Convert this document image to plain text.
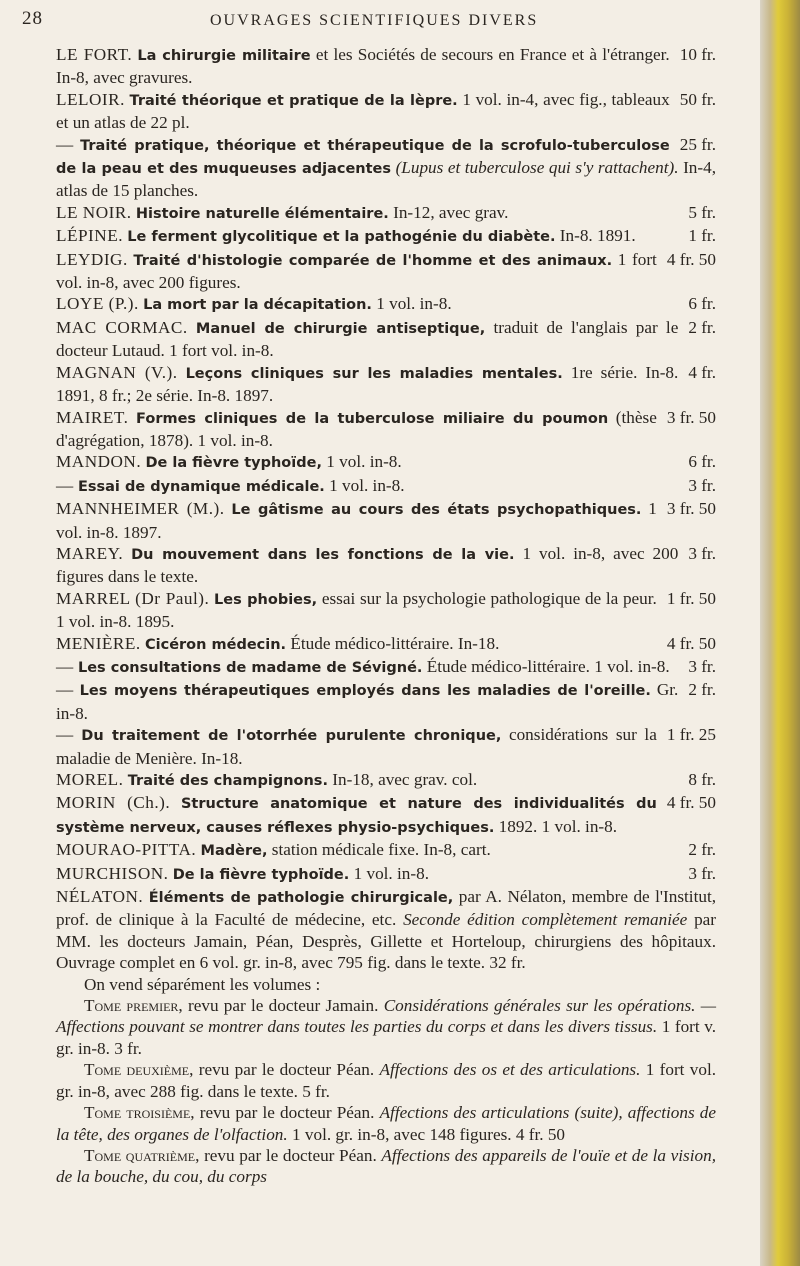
28	OUVRAGES SCIENTIFIQUES DIVERS

10 fr.
LE FORT. La chirurgie militaire et les Sociétés de secours en France et à l'étranger. In-8, avec gravures.

50 fr.
LELOIR. Traité théorique et pratique de la lèpre. 1 vol. in-4, avec fig., tableaux et un atlas de 22 pl.

25 fr.
— Traité pratique, théorique et thérapeutique de la scrofulo-tuberculose de la peau et des muqueuses adjacentes (Lupus et tuberculose qui s'y rattachent). In-4, atlas de 15 planches.

5 fr.
LE NOIR. Histoire naturelle élémentaire. In-12, avec grav.

1 fr.
LÉPINE. Le ferment glycolitique et la pathogénie du diabète. In-8. 1891.

4 fr. 50
LEYDIG. Traité d'histologie comparée de l'homme et des animaux. 1 fort vol. in-8, avec 200 figures.

6 fr.
LOYE (P.). La mort par la décapitation. 1 vol. in-8.

2 fr.
MAC CORMAC. Manuel de chirurgie antiseptique, traduit de l'anglais par le docteur Lutaud. 1 fort vol. in-8.

4 fr.
MAGNAN (V.). Leçons cliniques sur les maladies mentales. 1re série. In-8. 1891, 8 fr.; 2e série. In-8. 1897.

3 fr. 50
MAIRET. Formes cliniques de la tuberculose miliaire du poumon (thèse d'agrégation, 1878). 1 vol. in-8.

6 fr.
MANDON. De la fièvre typhoïde, 1 vol. in-8.

3 fr.
— Essai de dynamique médicale. 1 vol. in-8.

3 fr. 50
MANNHEIMER (M.). Le gâtisme au cours des états psychopathiques. 1 vol. in-8. 1897.

3 fr.
MAREY. Du mouvement dans les fonctions de la vie. 1 vol. in-8, avec 200 figures dans le texte.

1 fr. 50
MARREL (Dr Paul). Les phobies, essai sur la psychologie pathologique de la peur. 1 vol. in-8. 1895.

4 fr. 50
MENIÈRE. Cicéron médecin. Étude médico-littéraire. In-18.

3 fr.
— Les consultations de madame de Sévigné. Étude médico-littéraire. 1 vol. in-8.

2 fr.
— Les moyens thérapeutiques employés dans les maladies de l'oreille. Gr. in-8.

1 fr. 25
— Du traitement de l'otorrhée purulente chronique, considérations sur la maladie de Menière. In-18.

8 fr.
MOREL. Traité des champignons. In-18, avec grav. col.

4 fr. 50
MORIN (Ch.). Structure anatomique et nature des individualités du système nerveux, causes réflexes physio-psychiques. 1892. 1 vol. in-8.

2 fr.
MOURAO-PITTA. Madère, station médicale fixe. In-8, cart.

3 fr.
MURCHISON. De la fièvre typhoïde. 1 vol. in-8.

NÉLATON. Éléments de pathologie chirurgicale, par A. Nélaton, membre de l'Institut, prof. de clinique à la Faculté de médecine, etc. Seconde édition complètement remaniée par MM. les docteurs Jamain, Péan, Desprès, Gillette et Horteloup, chirurgiens des hôpitaux. Ouvrage complet en 6 vol. gr. in-8, avec 795 fig. dans le texte. 32 fr.

On vend séparément les volumes :

Tome premier, revu par le docteur Jamain. Considérations générales sur les opérations. — Affections pouvant se montrer dans toutes les parties du corps et dans les divers tissus. 1 fort v. gr. in-8. 3 fr.

Tome deuxième, revu par le docteur Péan. Affections des os et des articulations. 1 fort vol. gr. in-8, avec 288 fig. dans le texte. 5 fr.

Tome troisième, revu par le docteur Péan. Affections des articulations (suite), affections de la tête, des organes de l'olfaction. 1 vol. gr. in-8, avec 148 figures. 4 fr. 50

Tome quatrième, revu par le docteur Péan. Affections des appareils de l'ouïe et de la vision, de la bouche, du cou, du corps
